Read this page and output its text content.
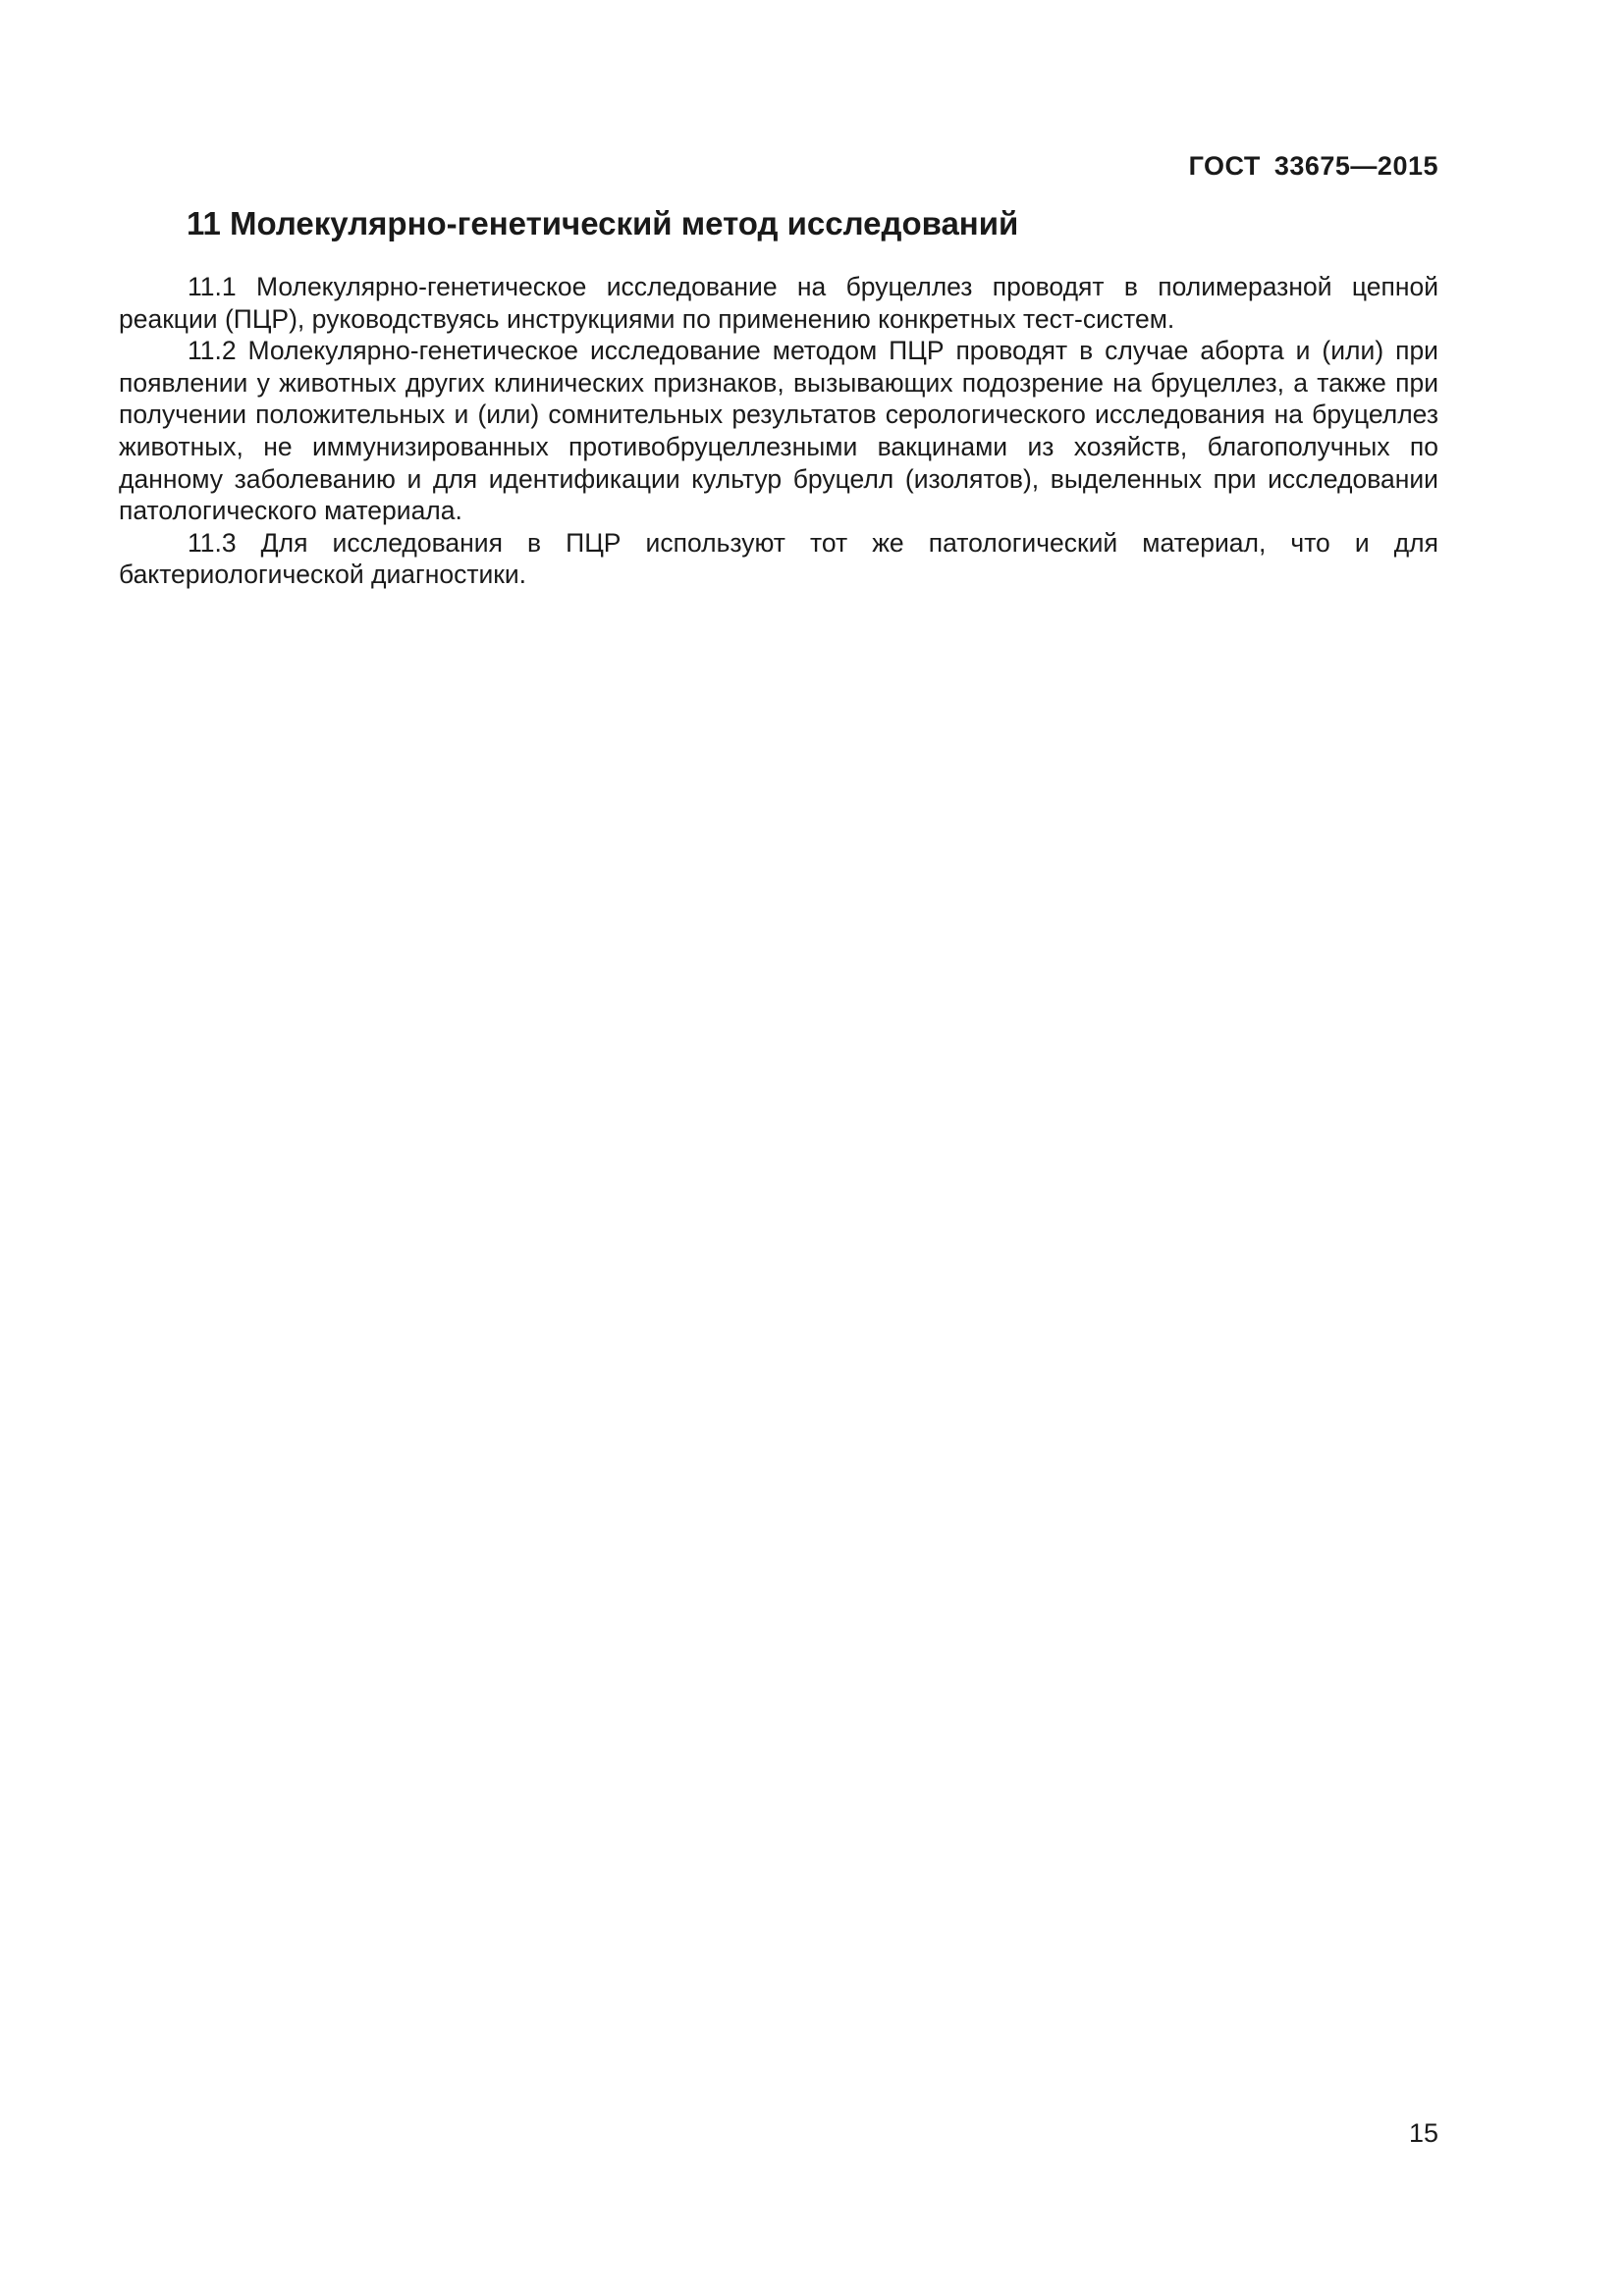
ГОСТ 33675—2015
11 Молекулярно-генетический метод исследований

11.1 Молекулярно-генетическое исследование на бруцеллез проводят в полимеразной цепной реакции (ПЦР), руководствуясь инструкциями по применению конкретных тест-систем.

11.2 Молекулярно-генетическое исследование методом ПЦР проводят в случае аборта и (или) при появлении у животных других клинических признаков, вызывающих подозрение на бруцеллез, а также при получении положительных и (или) сомнительных результатов серологического исследования на бруцеллез животных, не иммунизированных противобруцеллезными вакцинами из хозяйств, благополучных по данному заболеванию и для идентификации культур бруцелл (изолятов), выделенных при исследовании патологического материала.

11.3 Для исследования в ПЦР используют тот же патологический материал, что и для бактериологической диагностики.

15
